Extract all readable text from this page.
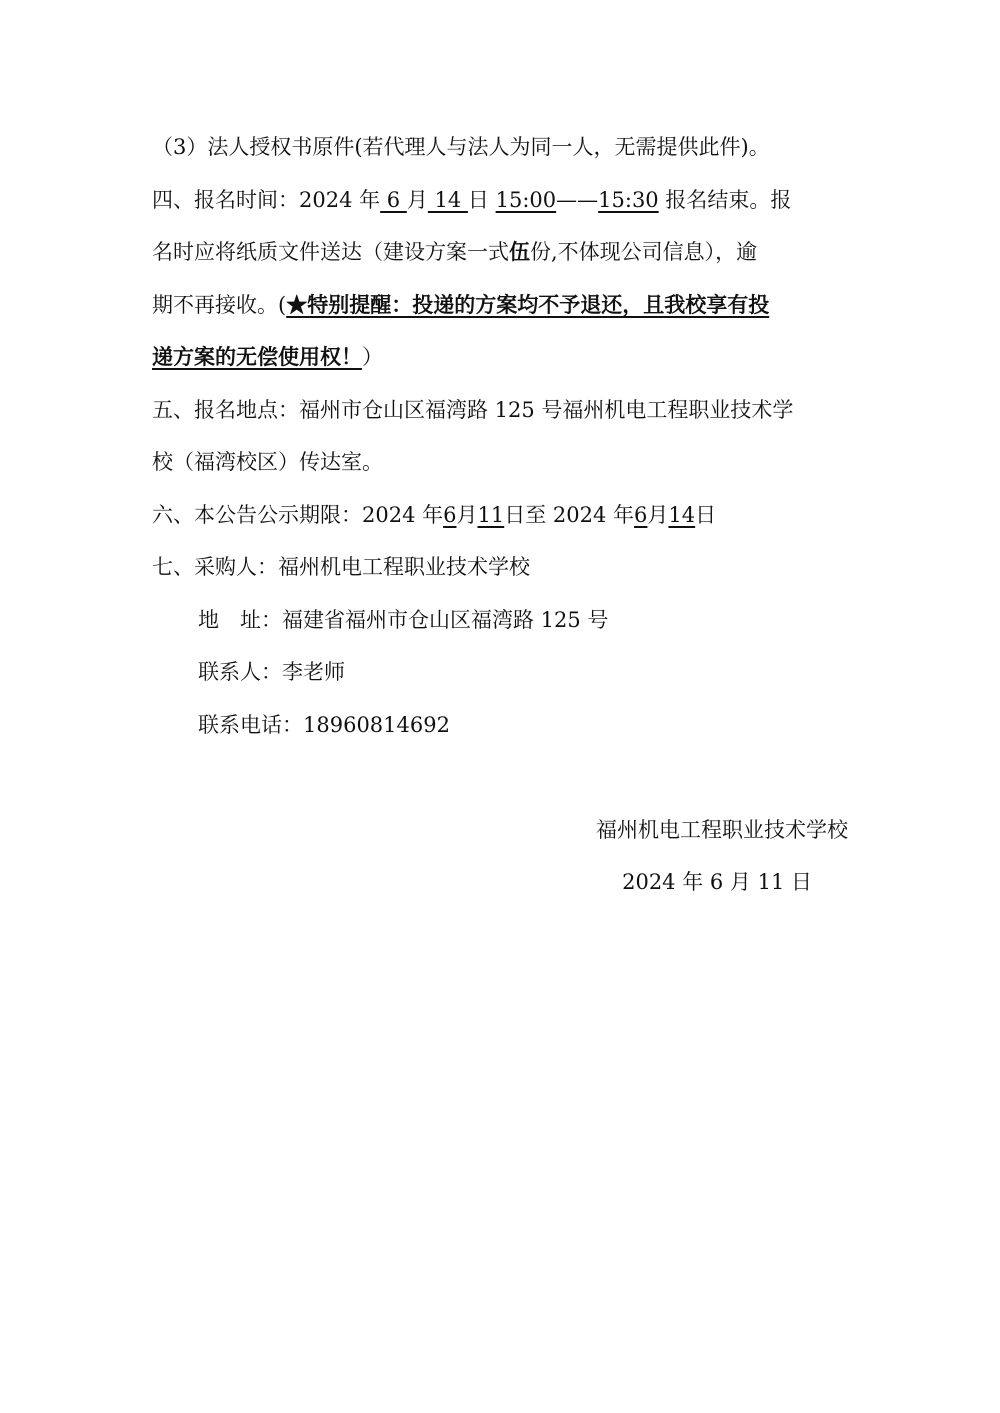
（3）法人授权书原件(若代理人与法人为同一人，无需提供此件)。
四、报名时间：2024 年 6 月 14 日 15:00——15:30 报名结束。报
名时应将纸质文件送达（建设方案一式伍份,不体现公司信息），逾
期不再接收。(★特别提醒：投递的方案均不予退还，且我校享有投
递方案的无偿使用权！）
五、报名地点：福州市仓山区福湾路 125 号福州机电工程职业技术学
校（福湾校区）传达室。
六、本公告公示期限：2024 年6月11日至 2024 年6月14日
七、采购人：福州机电工程职业技术学校
地　址：福建省福州市仓山区福湾路 125 号
联系人：李老师
联系电话：18960814692
福州机电工程职业技术学校
2024 年 6 月 11 日
